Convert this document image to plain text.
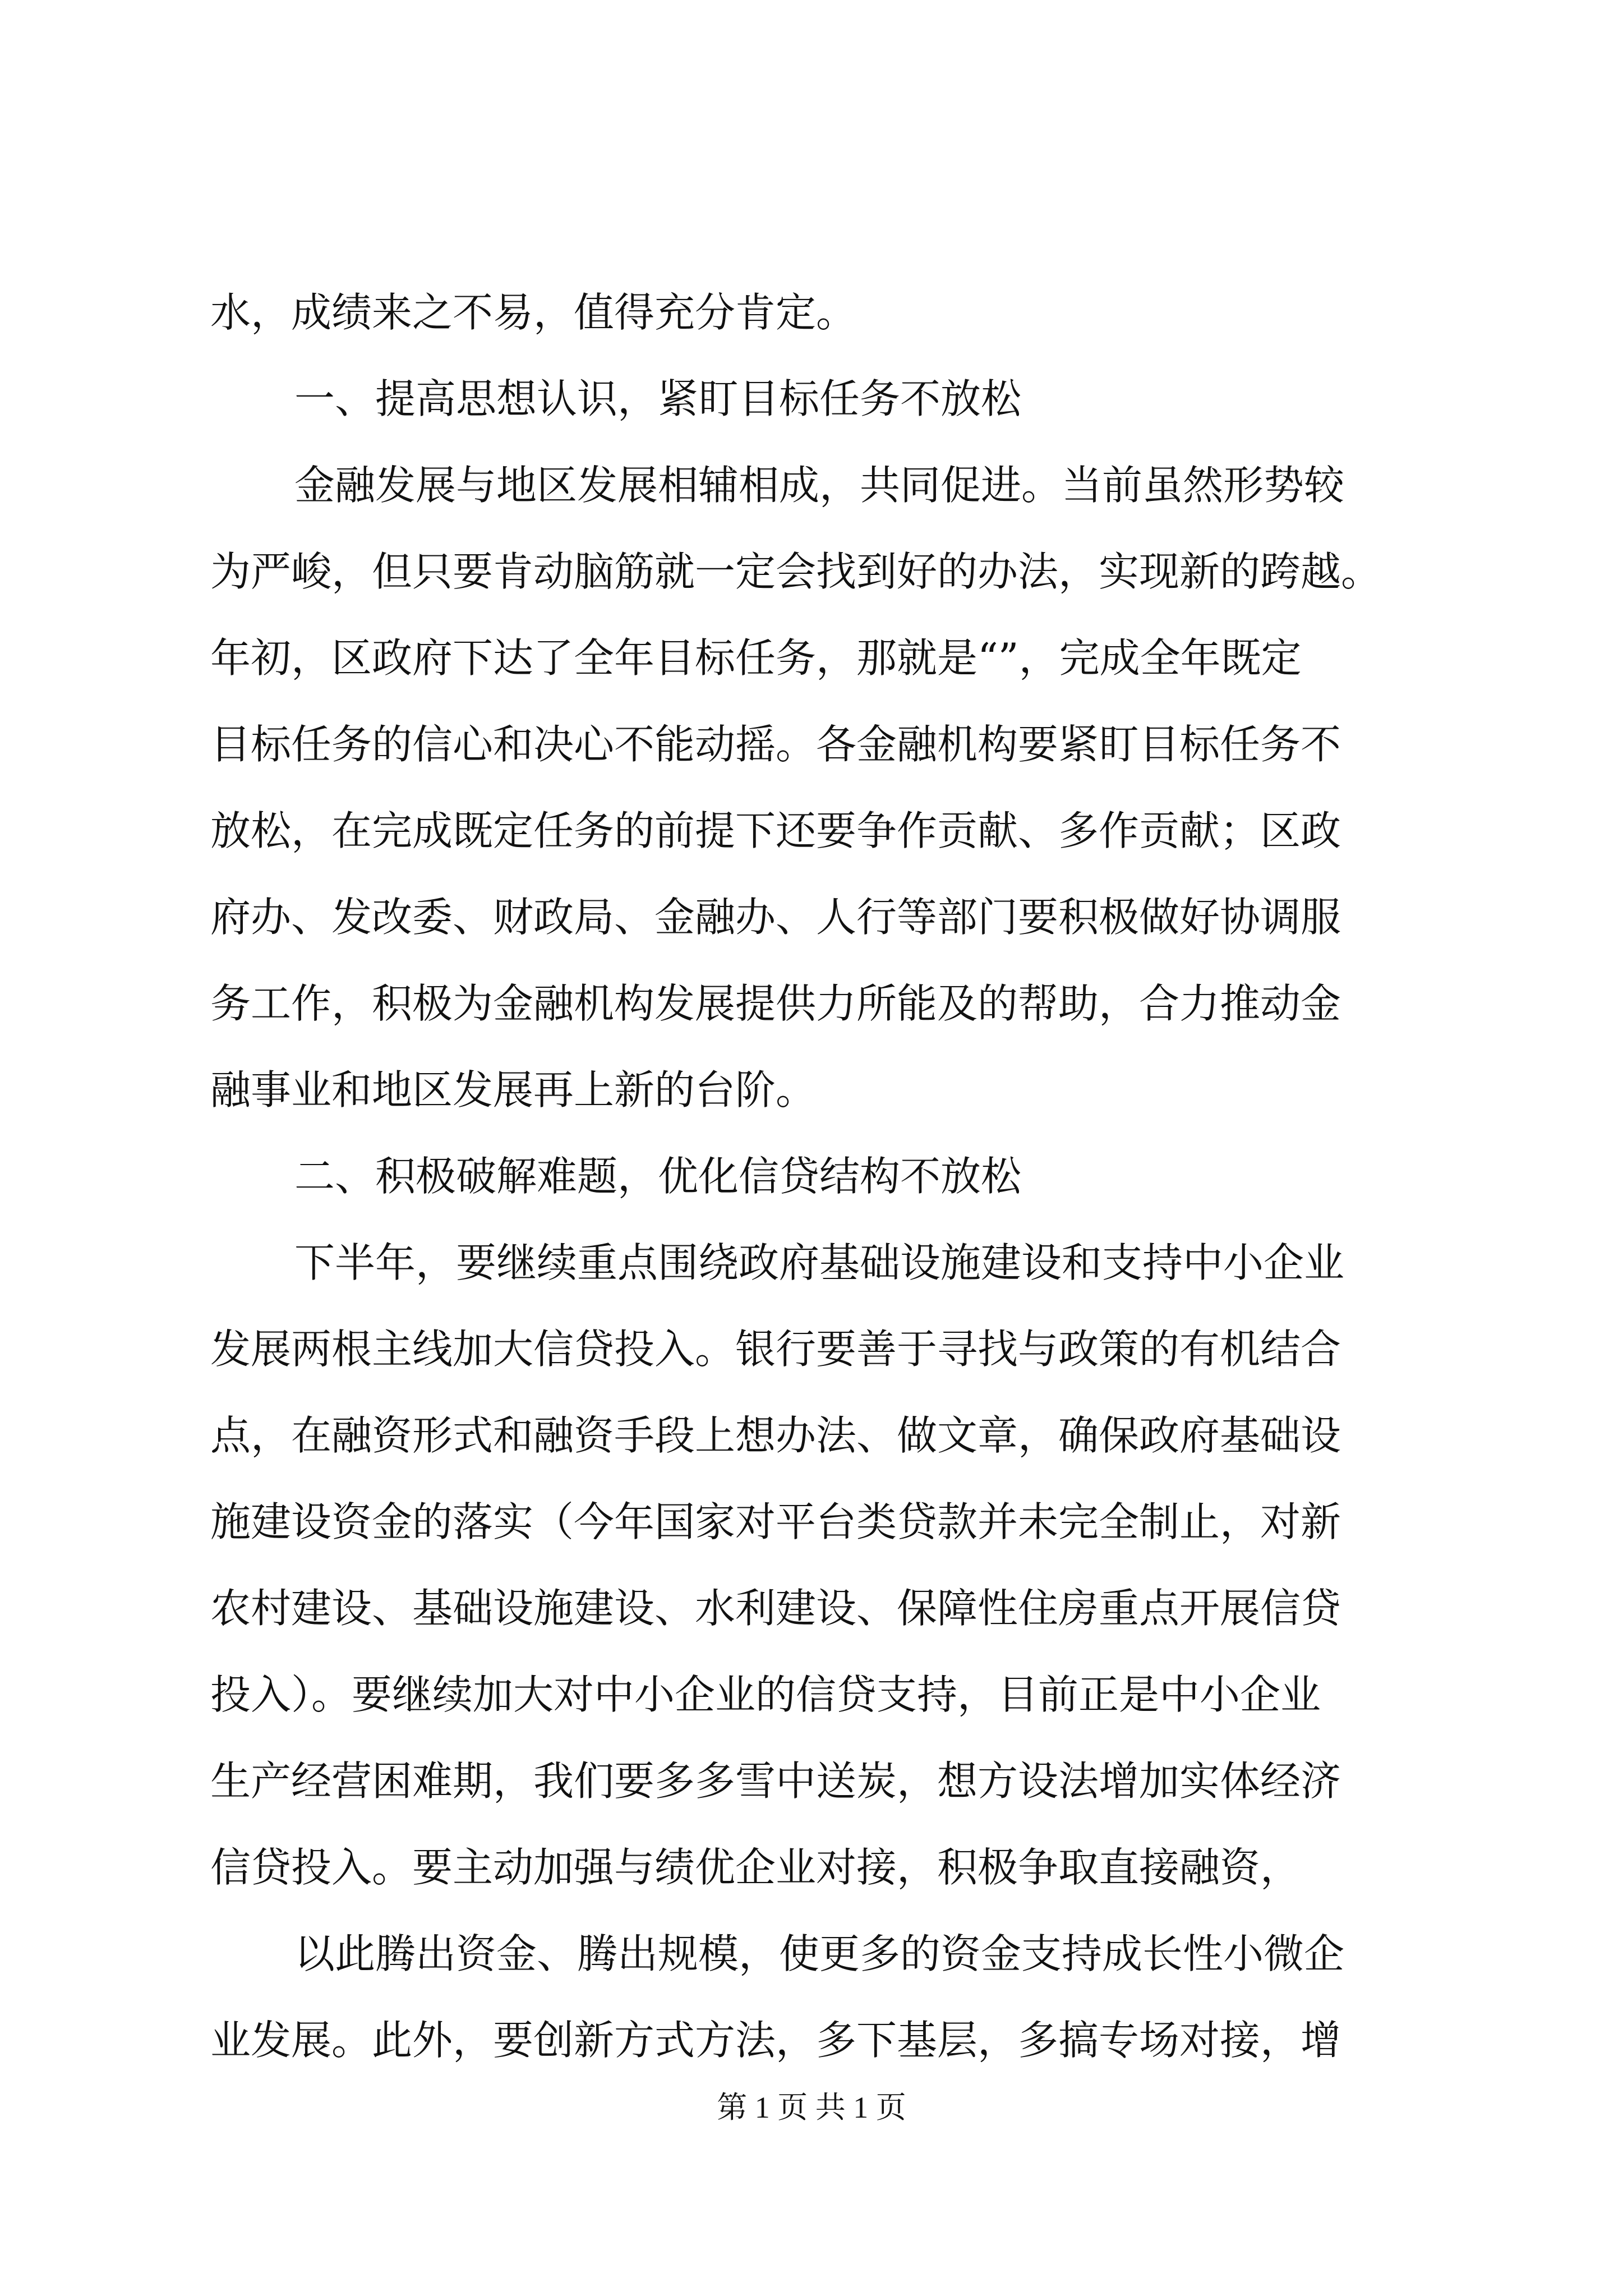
水，成绩来之不易，值得充分肯定。
一、提高思想认识，紧盯目标任务不放松
金融发展与地区发展相辅相成，共同促进。当前虽然形势较
为严峻，但只要肯动脑筋就一定会找到好的办法，实现新的跨越。
年初，区政府下达了全年目标任务，那就是“”，完成全年既定
目标任务的信心和决心不能动摇。各金融机构要紧盯目标任务不
放松，在完成既定任务的前提下还要争作贡献、多作贡献；区政
府办、发改委、财政局、金融办、人行等部门要积极做好协调服
务工作，积极为金融机构发展提供力所能及的帮助，合力推动金
融事业和地区发展再上新的台阶。
二、积极破解难题，优化信贷结构不放松
下半年，要继续重点围绕政府基础设施建设和支持中小企业
发展两根主线加大信贷投入。银行要善于寻找与政策的有机结合
点，在融资形式和融资手段上想办法、做文章，确保政府基础设
施建设资金的落实（今年国家对平台类贷款并未完全制止，对新
农村建设、基础设施建设、水利建设、保障性住房重点开展信贷
投入）。要继续加大对中小企业的信贷支持，目前正是中小企业
生产经营困难期，我们要多多雪中送炭，想方设法增加实体经济
信贷投入。要主动加强与绩优企业对接，积极争取直接融资，
以此腾出资金、腾出规模，使更多的资金支持成长性小微企
业发展。此外，要创新方式方法，多下基层，多搞专场对接，增
第 1 页 共 1 页
